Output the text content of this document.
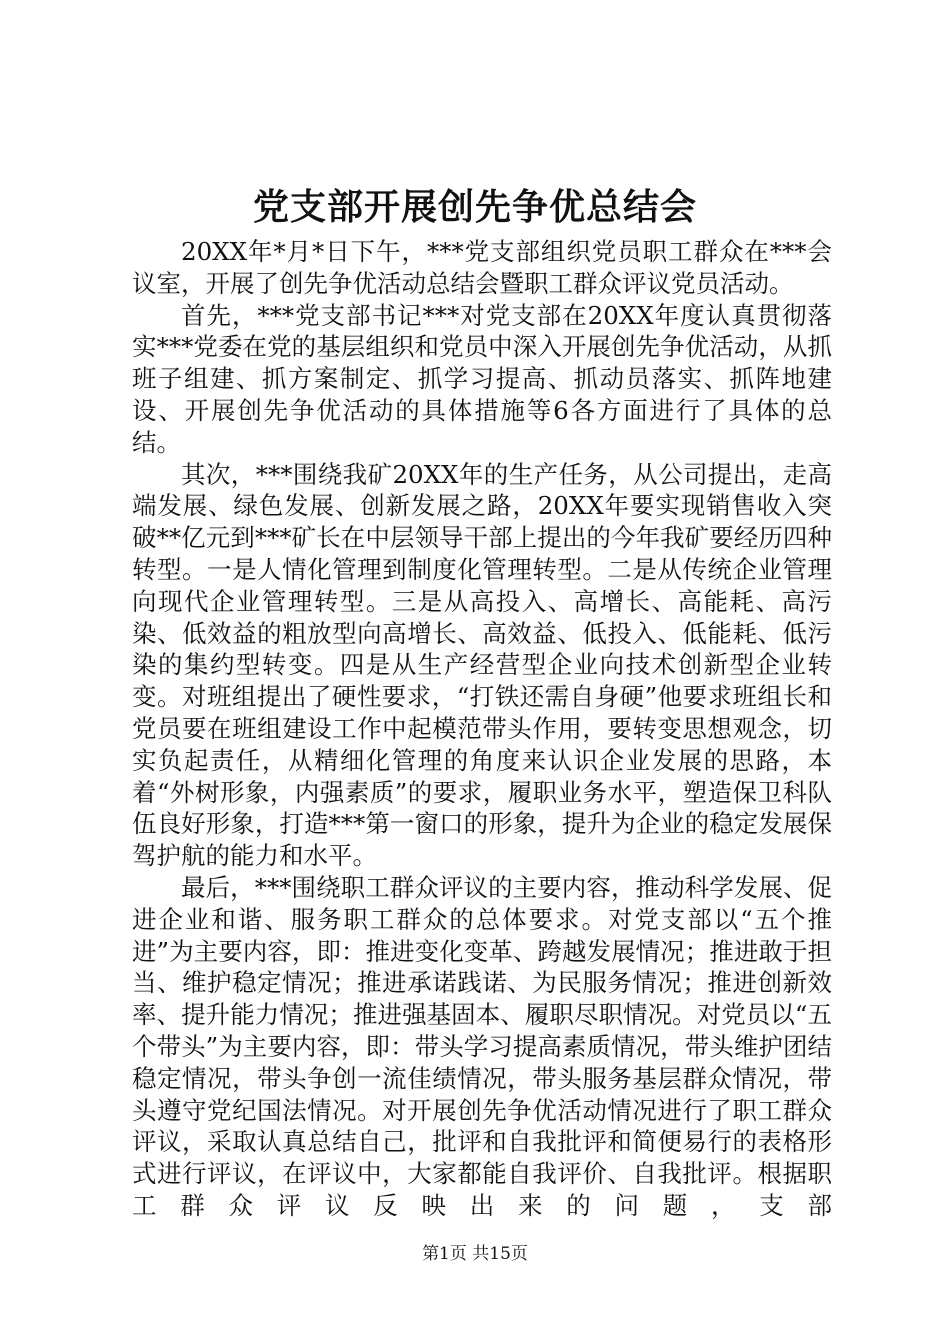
党支部开展创先争优总结会

20XX年*月*日下午，***党支部组织党员职工群众在***会议室，开展了创先争优活动总结会暨职工群众评议党员活动。

首先，***党支部书记***对党支部在20XX年度认真贯彻落实***党委在党的基层组织和党员中深入开展创先争优活动，从抓班子组建、抓方案制定、抓学习提高、抓动员落实、抓阵地建设、开展创先争优活动的具体措施等6各方面进行了具体的总结。

其次，***围绕我矿20XX年的生产任务，从公司提出，走高端发展、绿色发展、创新发展之路，20XX年要实现销售收入突破**亿元到***矿长在中层领导干部上提出的今年我矿要经历四种转型。一是人情化管理到制度化管理转型。二是从传统企业管理向现代企业管理转型。三是从高投入、高增长、高能耗、高污染、低效益的粗放型向高增长、高效益、低投入、低能耗、低污染的集约型转变。四是从生产经营型企业向技术创新型企业转变。对班组提出了硬性要求，“打铁还需自身硬”他要求班组长和党员要在班组建设工作中起模范带头作用，要转变思想观念，切实负起责任，从精细化管理的角度来认识企业发展的思路，本着“外树形象，内强素质”的要求，履职业务水平，塑造保卫科队伍良好形象，打造***第一窗口的形象，提升为企业的稳定发展保驾护航的能力和水平。

最后，***围绕职工群众评议的主要内容，推动科学发展、促进企业和谐、服务职工群众的总体要求。对党支部以“五个推进”为主要内容，即：推进变化变革、跨越发展情况；推进敢于担当、维护稳定情况；推进承诺践诺、为民服务情况；推进创新效率、提升能力情况；推进强基固本、履职尽职情况。对党员以“五个带头”为主要内容，即：带头学习提高素质情况，带头维护团结稳定情况，带头争创一流佳绩情况，带头服务基层群众情况，带头遵守党纪国法情况。对开展创先争优活动情况进行了职工群众评议，采取认真总结自己，批评和自我批评和简便易行的表格形式进行评议，在评议中，大家都能自我评价、自我批评。根据职工群众评议反映出来的问题，支部

第1页 共15页
